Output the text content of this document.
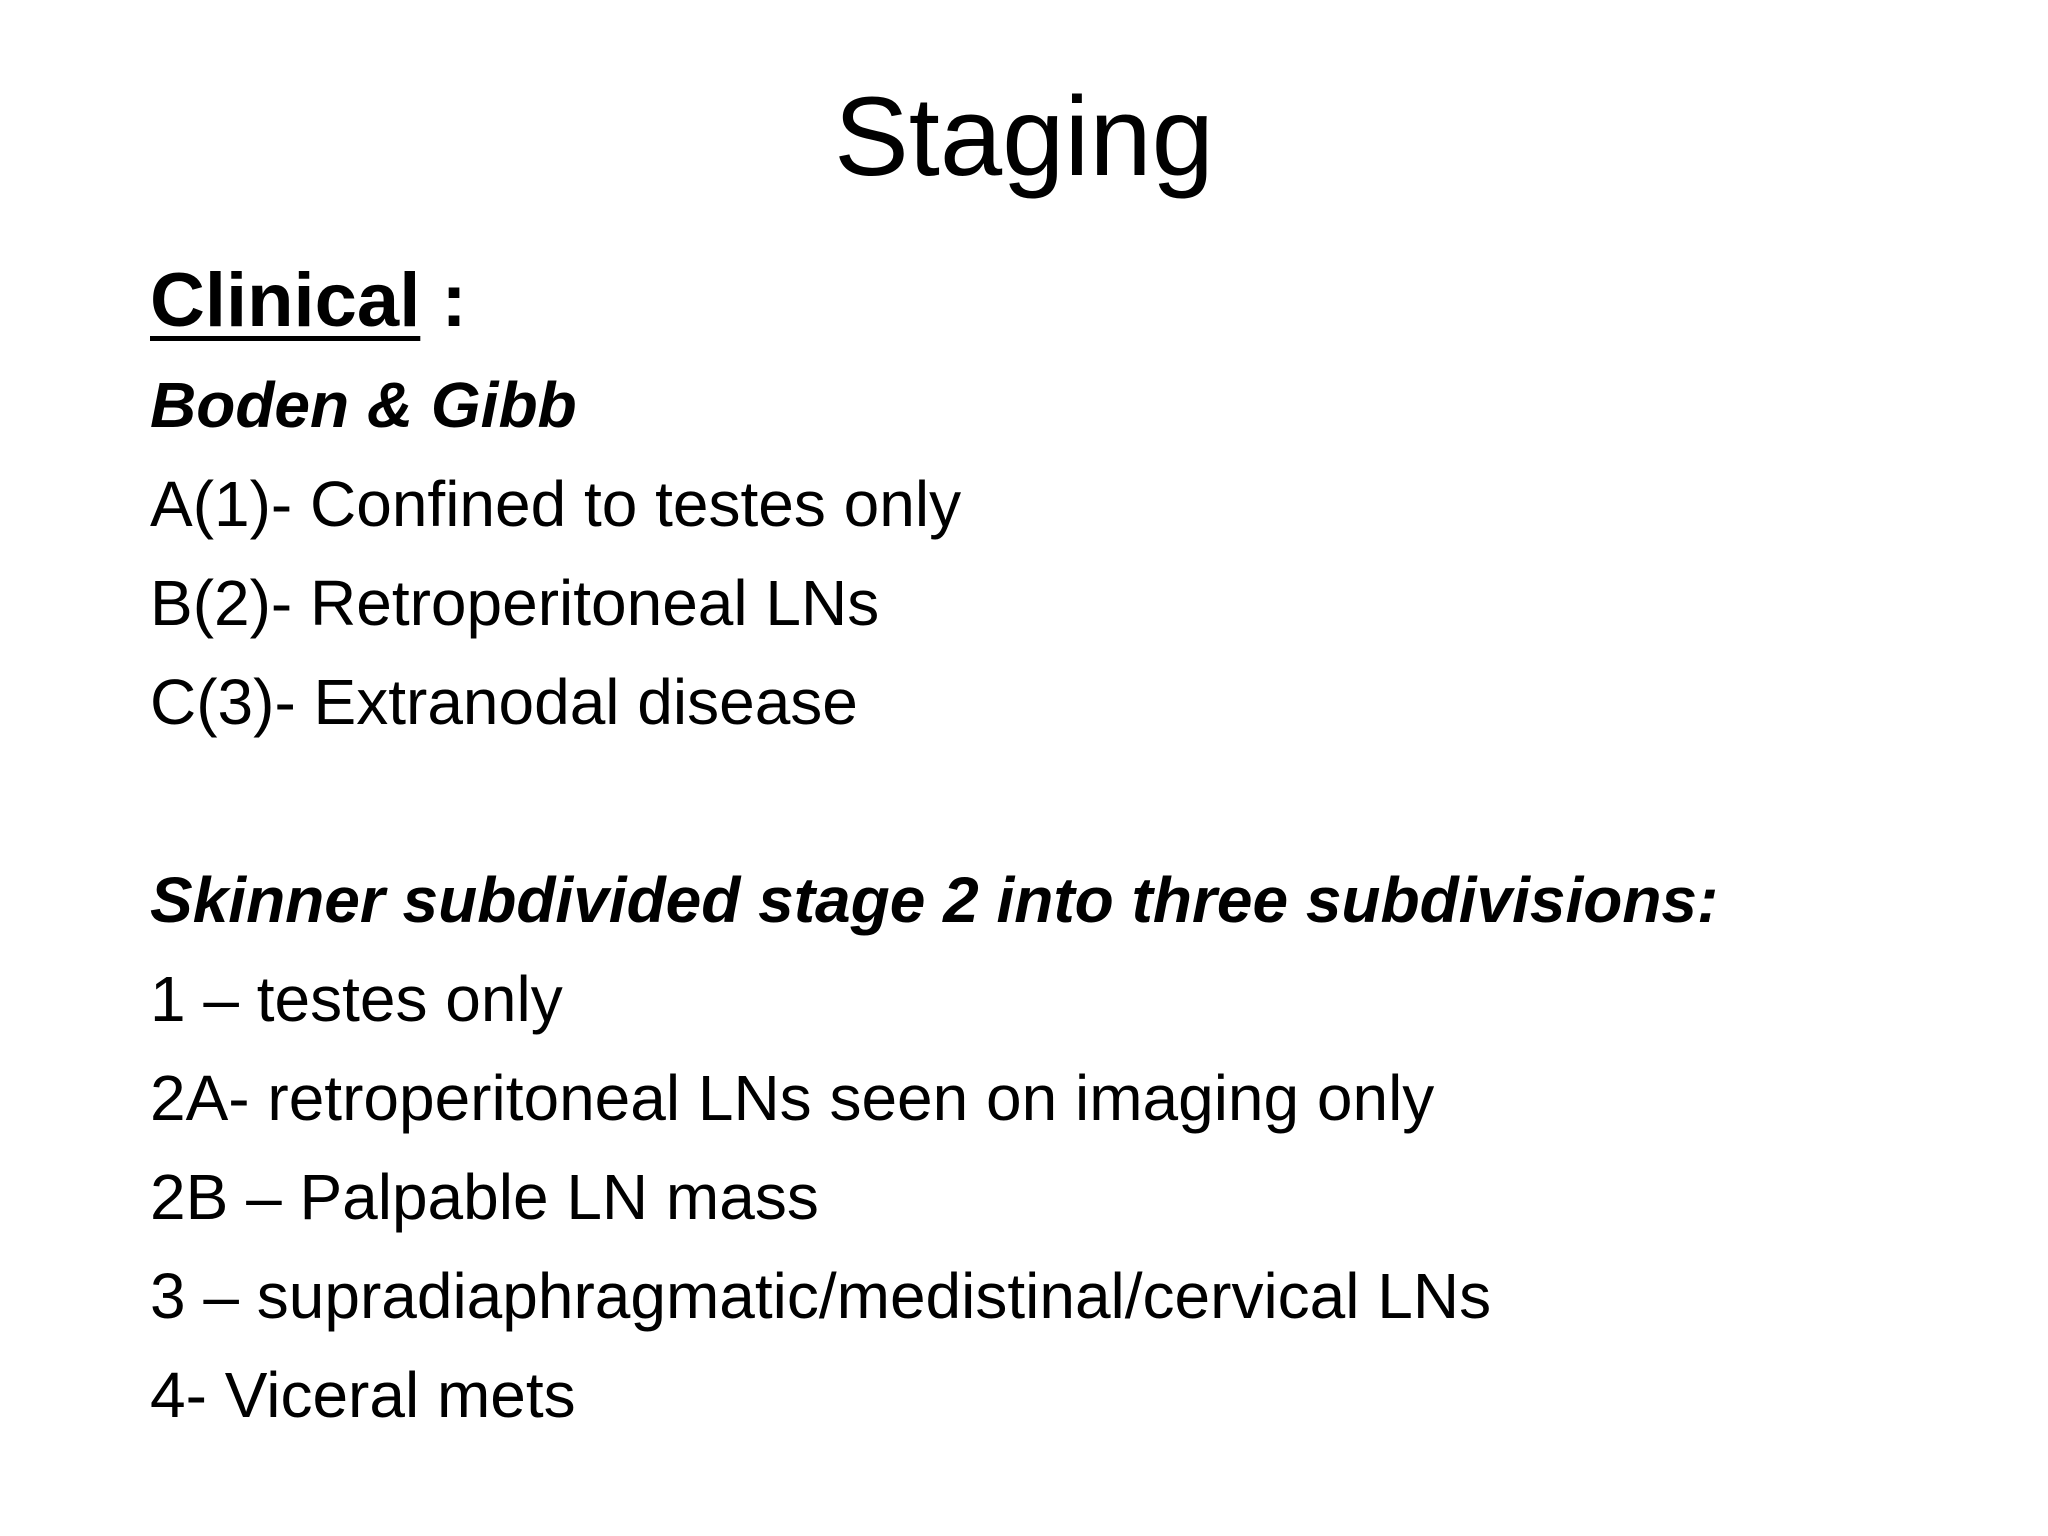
Staging

Clinical :

Boden & Gibb

A(1)- Confined to testes only

B(2)- Retroperitoneal LNs

C(3)- Extranodal disease

Skinner subdivided stage 2 into three subdivisions:

1 – testes only

2A- retroperitoneal LNs seen on imaging only

2B – Palpable LN mass

3 – supradiaphragmatic/medistinal/cervical LNs

4- Viceral mets
